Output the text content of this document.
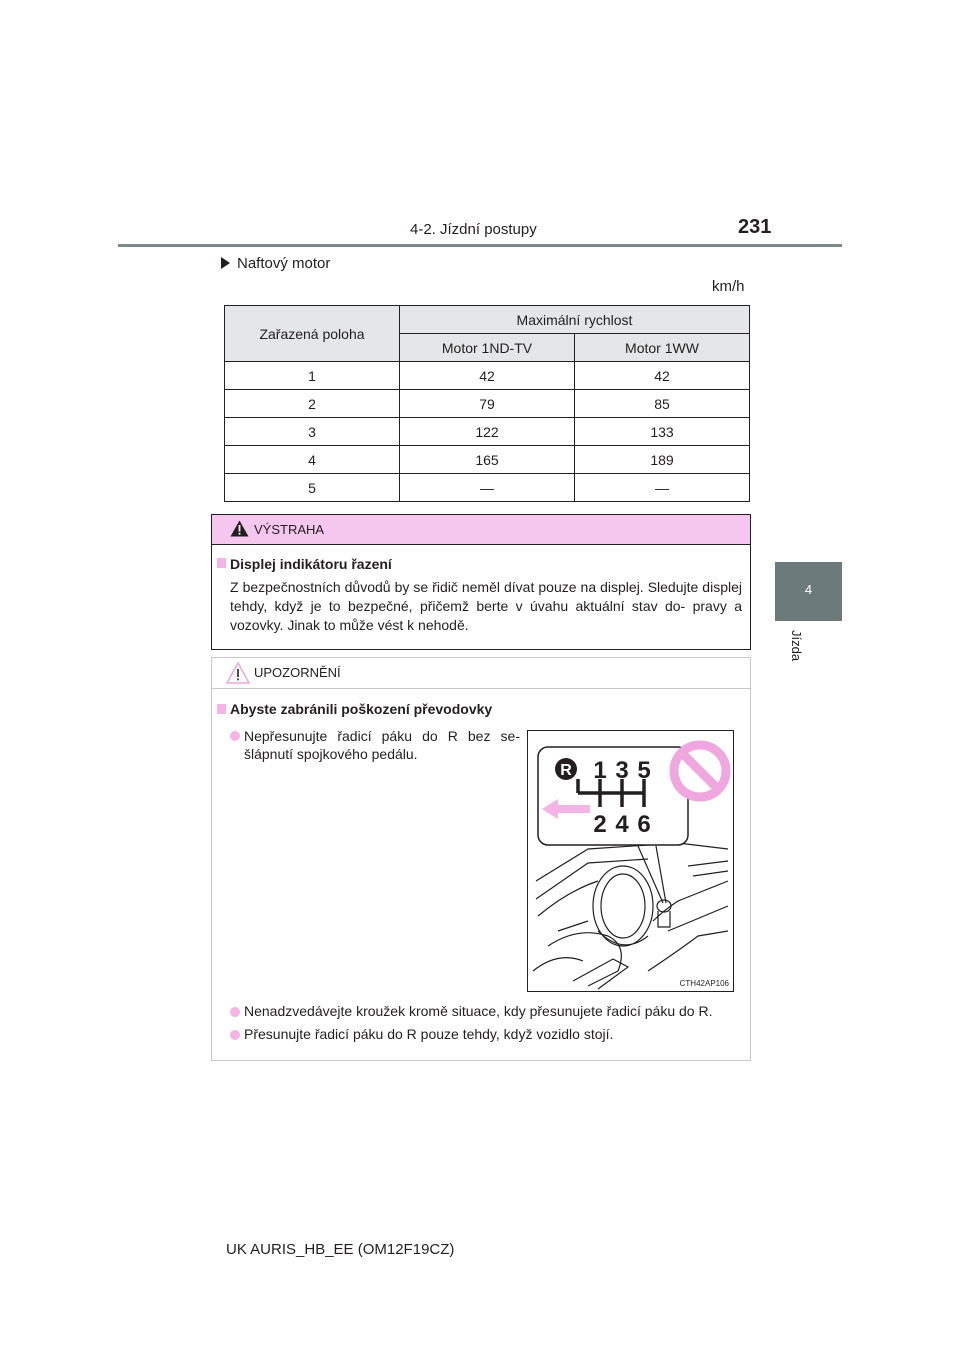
4-2. Jízdní postupy	231
4
Jízda
Naftový motor
km/h
Zařazená poloha	Maximální rychlost	
	Motor 1ND-TV	Motor 1WW
1	42	42
2	79	85
3	122	133
4	165	189
5	—	—
VÝSTRAHA
Displej indikátoru řazení
Z bezpečnostních důvodů by se řidič neměl dívat pouze na displej. Sledujte displej tehdy, když je to bezpečné, přičemž berte v úvahu aktuální stav do- pravy a vozovky. Jinak to může vést k nehodě.
UPOZORNĚNÍ
Abyste zabránili poškození převodovky
Nepřesunujte řadicí páku do R bez se- šlápnutí spojkového pedálu.
R 1 3 5
2 4 6
CTH42AP106
Nenadzvedávejte kroužek kromě situace, kdy přesunujete řadicí páku do R.
Přesunujte řadicí páku do R pouze tehdy, když vozidlo stojí.
UK AURIS_HB_EE (OM12F19CZ)
